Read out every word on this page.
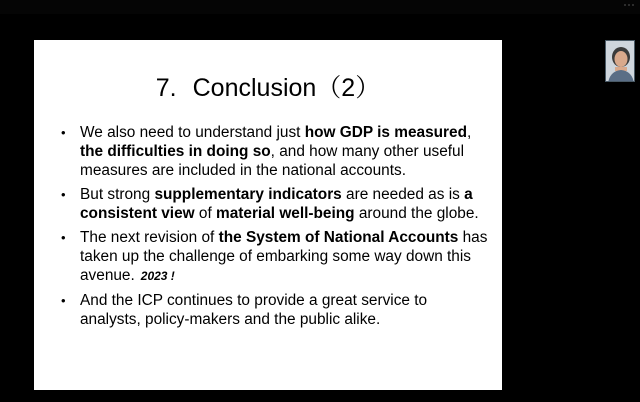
7. Conclusion（2）
• We also need to understand just how GDP is measured, the difficulties in doing so, and how many other useful measures are included in the national accounts.
• But strong supplementary indicators are needed as is a consistent view of material well-being around the globe.
• The next revision of the System of National Accounts has taken up the challenge of embarking some way down this avenue. 2023 !
• And the ICP continues to provide a great service to analysts, policy-makers and the public alike.
